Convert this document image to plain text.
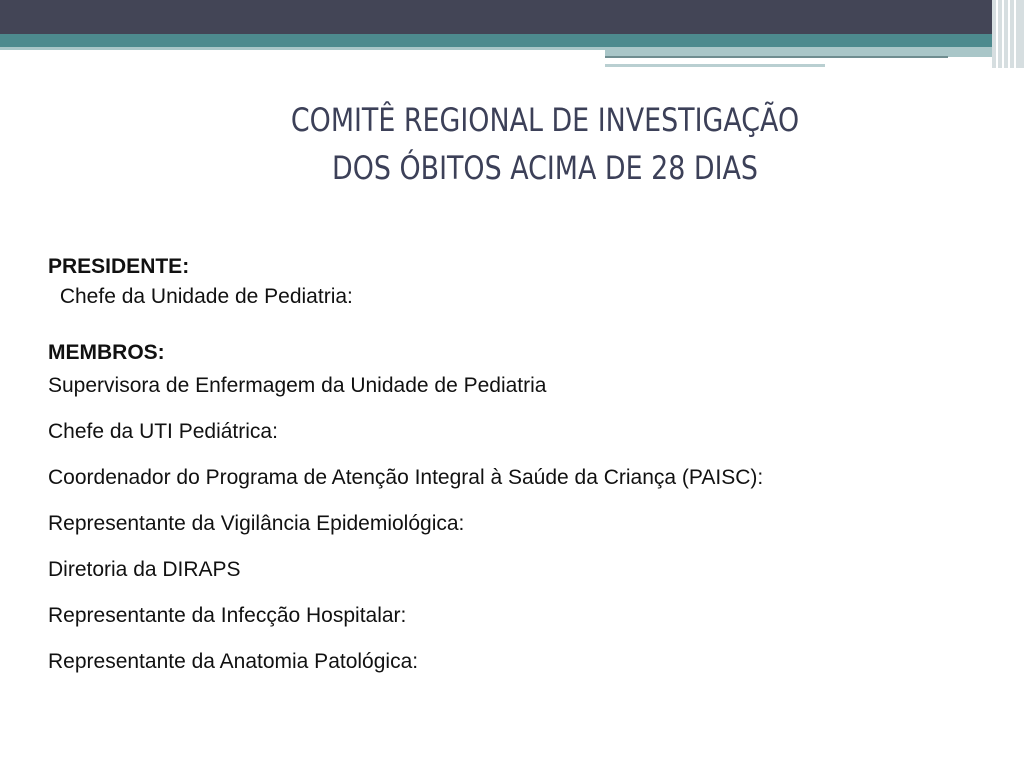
COMITÊ REGIONAL DE INVESTIGAÇÃO
DOS ÓBITOS ACIMA DE 28 DIAS
PRESIDENTE:
Chefe da Unidade de Pediatria:
MEMBROS:
Supervisora de Enfermagem da Unidade de Pediatria
Chefe da UTI Pediátrica:
Coordenador do Programa de Atenção Integral à Saúde da Criança (PAISC):
Representante da Vigilância Epidemiológica:
Diretoria da DIRAPS
Representante da Infecção Hospitalar:
Representante da Anatomia Patológica:
